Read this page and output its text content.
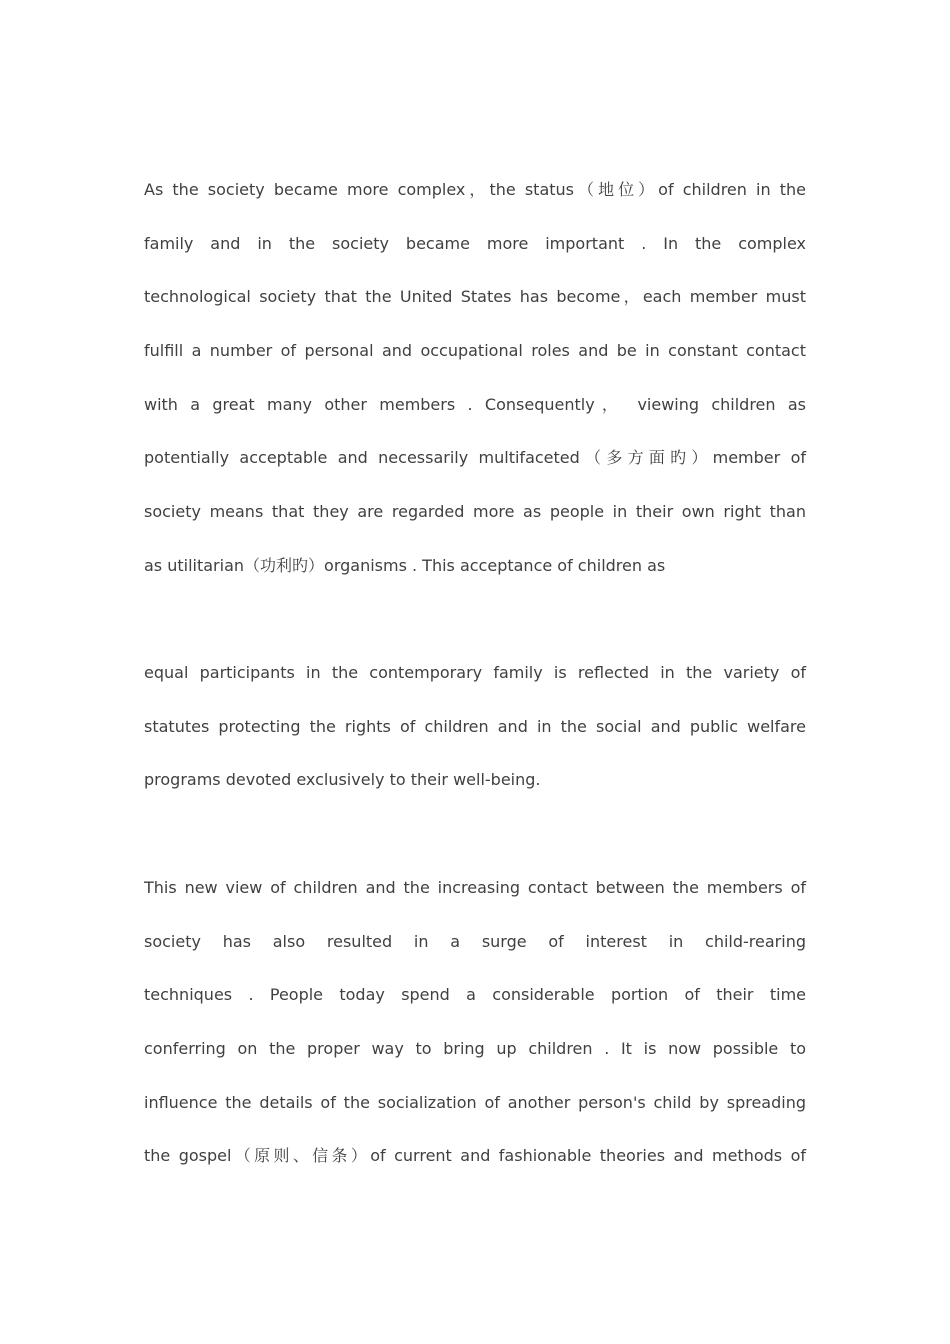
As the society became more complex，the status（地位）of children in the
family and in the society became more important . In the complex
technological society that the United States has become，each member must
fulfill a number of personal and occupational roles and be in constant contact
with a great many other members . Consequently， viewing children as
potentially acceptable and necessarily multifaceted（多方面旳）member of
society means that they are regarded more as people in their own right than
as utilitarian（功利旳）organisms . This acceptance of children as
equal participants in the contemporary family is reflected in the variety of
statutes protecting the rights of children and in the social and public welfare
programs devoted exclusively to their well-being.
This new view of children and the increasing contact between the members of
society has also resulted in a surge of interest in child-rearing
techniques . People today spend a considerable portion of their time
conferring on the proper way to bring up children . It is now possible to
influence the details of the socialization of another person's child by spreading
the gospel（原则、信条）of current and fashionable theories and methods of
